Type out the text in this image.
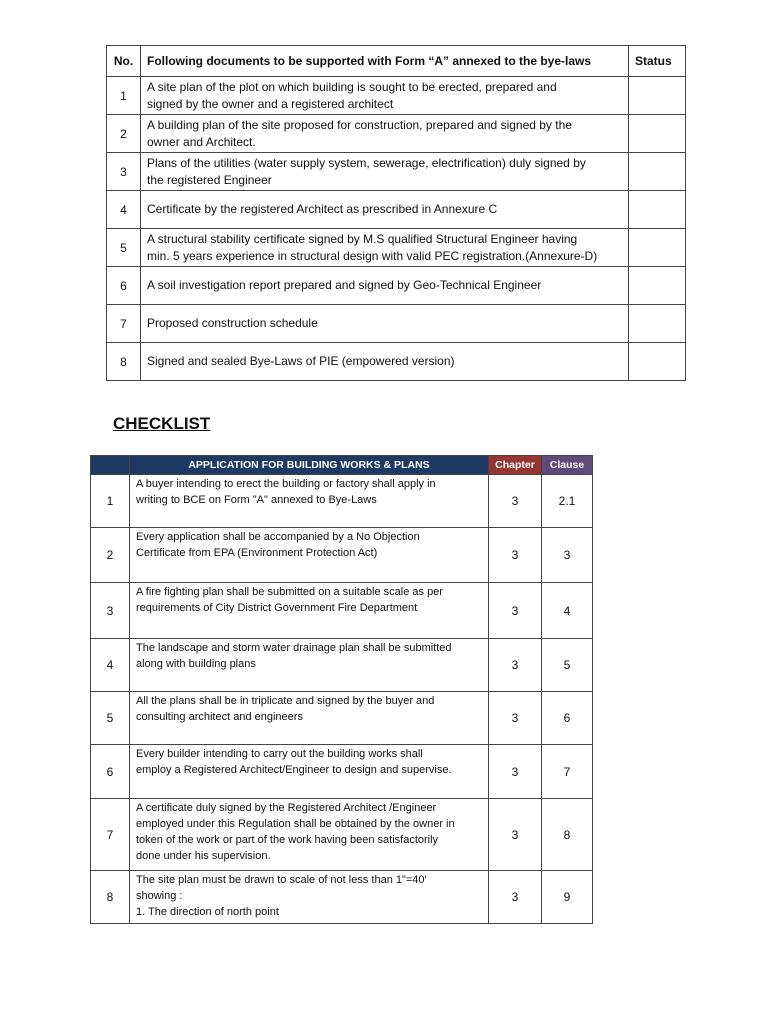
No.	Following documents to be supported with Form “A” annexed to the bye-laws	Status
1	A site plan of the plot on which building is sought to be erected, prepared and
signed by the owner and a registered architect	

2	A building plan of the site proposed for construction, prepared and signed by the
owner and Architect.	

3	Plans of the utilities (water supply system, sewerage, electrification) duly signed by
the registered Engineer	

4	Certificate by the registered Architect as prescribed in Annexure C	

5	A structural stability certificate signed by M.S qualified Structural Engineer having
min. 5 years experience in structural design with valid PEC registration.(Annexure-D)	

6	A soil investigation report prepared and signed by Geo-Technical Engineer	

7	Proposed construction schedule	

8	Signed and sealed Bye-Laws of PIE (empowered version)	

CHECKLIST
	APPLICATION FOR BUILDING WORKS & PLANS	Chapter	Clause
1	A buyer intending to erect the building or factory shall apply in
writing to BCE on Form "A" annexed to Bye-Laws	3	2.1
2	Every application shall be accompanied by a No Objection
Certificate from EPA (Environment Protection Act)	3	3
3	A fire fighting plan shall be submitted on a suitable scale as per
requirements of City District Government Fire Department	3	4
4	The landscape and storm water drainage plan shall be submitted
along with building plans	3	5
5	All the plans shall be in triplicate and signed by the buyer and
consulting architect and engineers	3	6
6	Every builder intending to carry out the building works shall
employ a Registered Architect/Engineer to design and supervise.	3	7
7	A certificate duly signed by the Registered Architect /Engineer
employed under this Regulation shall be obtained by the owner in
token of the work or part of the work having been satisfactorily
done under his supervision.	3	8
8	The site plan must be drawn to scale of not less than 1"=40'
showing :
1. The direction of north point	3	9
